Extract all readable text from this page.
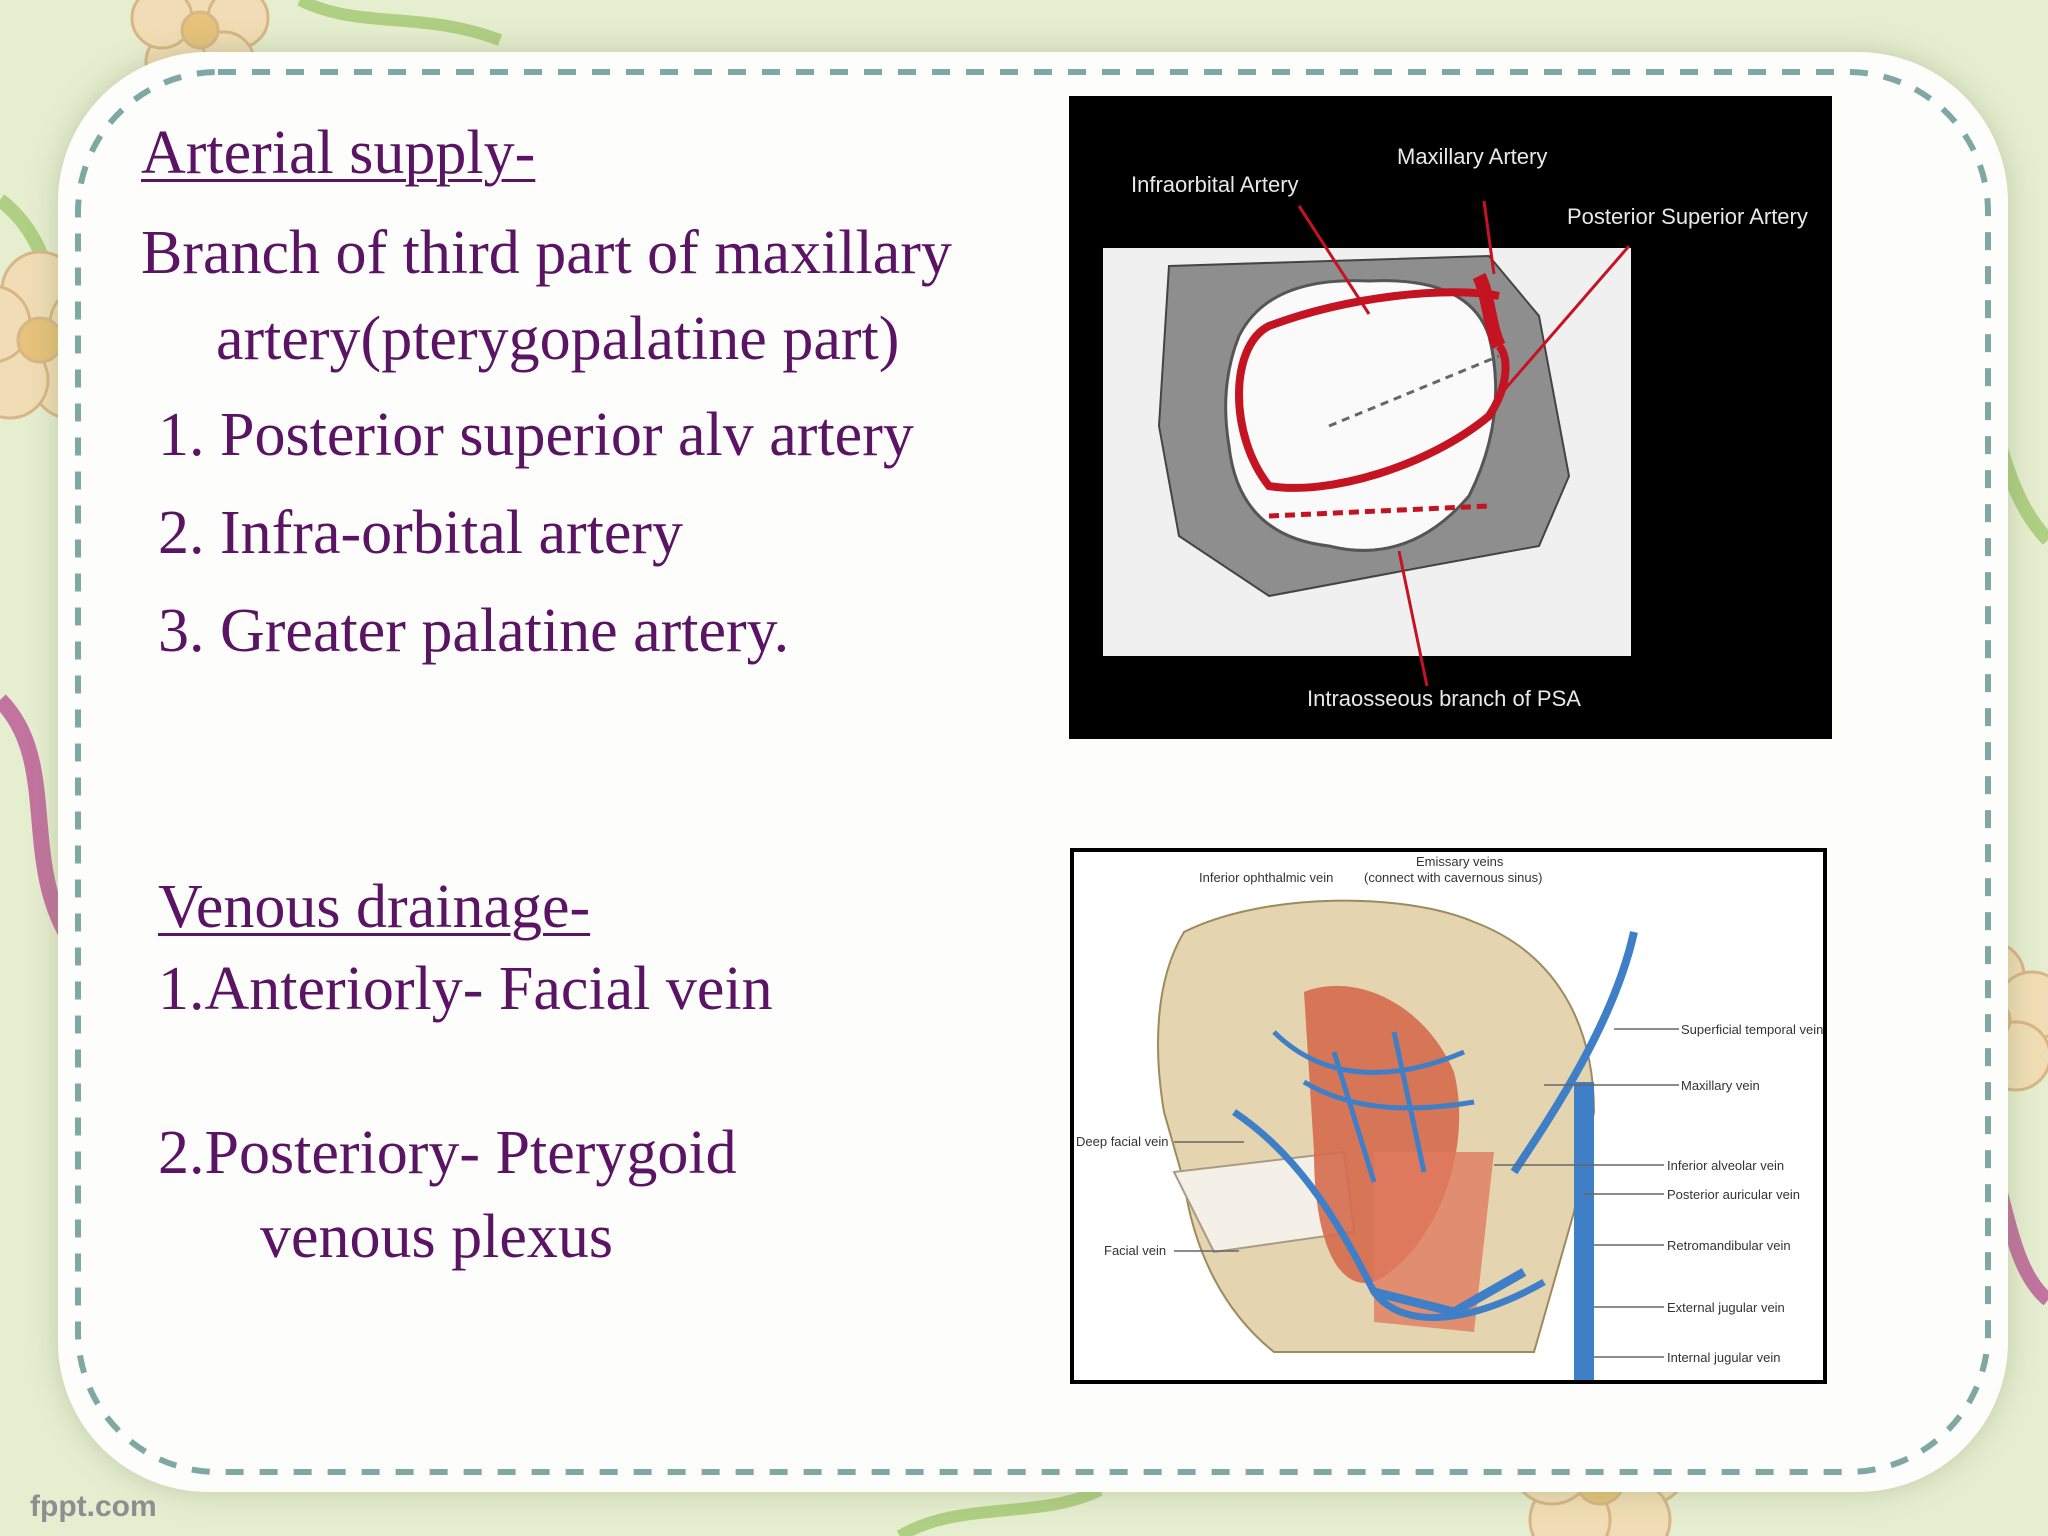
Arterial supply-
Branch of third part of maxillary
artery(pterygopalatine part)
1. Posterior superior alv artery
2. Infra-orbital artery
3. Greater palatine artery.
Venous drainage-
1.Anteriorly- Facial vein
2.Posteriory- Pterygoid
venous plexus
Infraorbital Artery
Maxillary Artery
Posterior Superior Artery
Intraosseous branch of PSA
Inferior ophthalmic vein
Emissary veins
(connect with cavernous sinus)
Superficial temporal vein
Maxillary vein
Deep facial vein
Inferior alveolar vein
Posterior auricular vein
Facial vein	Retromandibular vein
External jugular vein
Internal jugular vein
fppt.com
